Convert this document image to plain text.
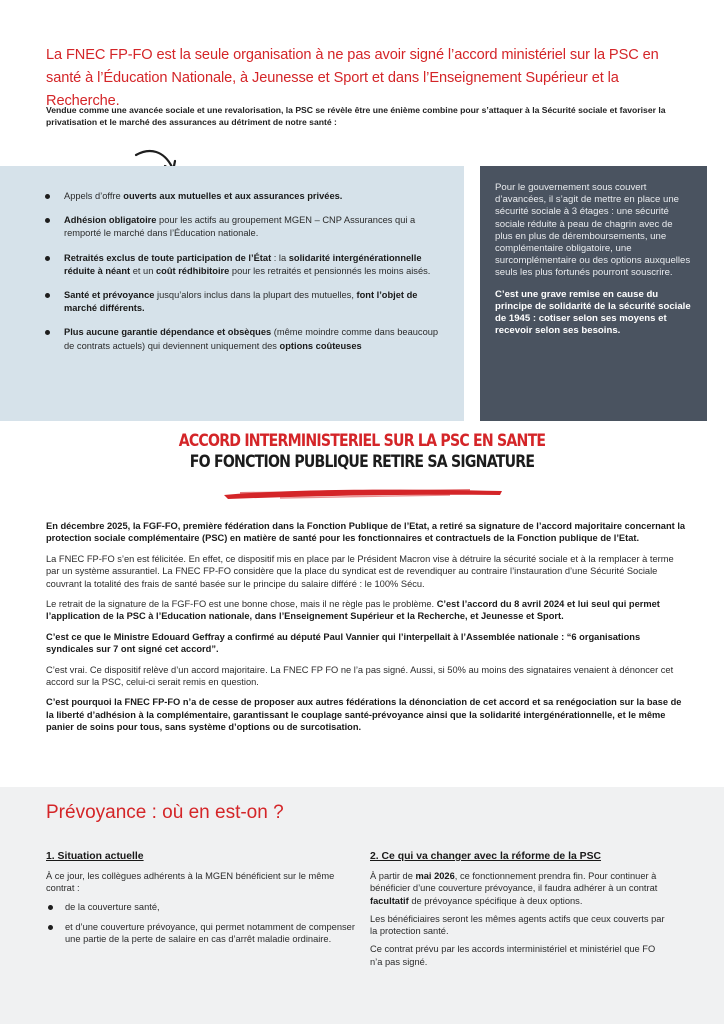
La FNEC FP-FO est la seule organisation à ne pas avoir signé l’accord ministériel sur la PSC en santé à l’Éducation Nationale, à Jeunesse et Sport et dans l’Enseignement Supérieur et la Recherche.
Vendue comme une avancée sociale et une revalorisation, la PSC se révèle être une énième combine pour s’attaquer à la Sécurité sociale et favoriser la privatisation et le marché des assurances au détriment de notre santé :
Appels d’offre ouverts aux mutuelles et aux assurances privées.
Adhésion obligatoire pour les actifs au groupement MGEN – CNP Assurances qui a remporté le marché dans l’Éducation nationale.
Retraités exclus de toute participation de l’État : la solidarité intergénérationnelle réduite à néant et un coût rédhibitoire pour les retraités et pensionnés les moins aisés.
Santé et prévoyance jusqu’alors inclus dans la plupart des mutuelles, font l’objet de marché différents.
Plus aucune garantie dépendance et obsèques (même moindre comme dans beaucoup de contrats actuels) qui deviennent uniquement des options coûteuses

Pour le gouvernement sous couvert d’avancées, il s’agit de mettre en place une sécurité sociale à 3 étages : une sécurité sociale réduite à peau de chagrin avec de plus en plus de déremboursements, une complémentaire obligatoire, une surcomplémentaire ou des options auxquelles seuls les plus fortunés pourront souscrire.

C’est une grave remise en cause du principe de solidarité de la sécurité sociale de 1945 : cotiser selon ses moyens et recevoir selon ses besoins.

ACCORD INTERMINISTERIEL SUR LA PSC EN SANTE
FO FONCTION PUBLIQUE RETIRE SA SIGNATURE

En décembre 2025, la FGF-FO, première fédération dans la Fonction Publique de l’Etat, a retiré sa signature de l’accord majoritaire concernant la protection sociale complémentaire (PSC) en matière de santé pour les fonctionnaires et contractuels de la Fonction publique de l’Etat.

La FNEC FP-FO s’en est félicitée. En effet, ce dispositif mis en place par le Président Macron vise à détruire la sécurité sociale et à la remplacer à terme par un système assurantiel. La FNEC FP-FO considère que la place du syndicat est de revendiquer au contraire l’instauration d’une Sécurité Sociale couvrant la totalité des frais de santé basée sur le principe du salaire différé : le 100% Sécu.

Le retrait de la signature de la FGF-FO est une bonne chose, mais il ne règle pas le problème. C’est l’accord du 8 avril 2024 et lui seul qui permet l’application de la PSC à l’Education nationale, dans l’Enseignement Supérieur et la Recherche, et Jeunesse et Sport.

C’est ce que le Ministre Edouard Geffray a confirmé au député Paul Vannier qui l’interpellait à l’Assemblée nationale : “6 organisations syndicales sur 7 ont signé cet accord”.

C’est vrai. Ce dispositif relève d’un accord majoritaire. La FNEC FP FO ne l’a pas signé. Aussi, si 50% au moins des signataires venaient à dénoncer cet accord sur la PSC, celui-ci serait remis en question.

C’est pourquoi la FNEC FP-FO n’a de cesse de proposer aux autres fédérations la dénonciation de cet accord et sa renégociation sur la base de la liberté d’adhésion à la complémentaire, garantissant le couplage santé-prévoyance ainsi que la solidarité intergénérationnelle, et le même panier de soins pour tous, sans système d’options ou de surcotisation.

Prévoyance : où en est-on ?
1. Situation actuelle

À ce jour, les collègues adhérents à la MGEN bénéficient sur le même contrat :

de la couverture santé,
et d’une couverture prévoyance, qui permet notamment de compenser une partie de la perte de salaire en cas d’arrêt maladie ordinaire.
2. Ce qui va changer avec la réforme de la PSC

À partir de mai 2026, ce fonctionnement prendra fin. Pour continuer à bénéficier d’une couverture prévoyance, il faudra adhérer à un contrat facultatif de prévoyance spécifique à deux options.

Les bénéficiaires seront les mêmes agents actifs que ceux couverts par la protection santé.

Ce contrat prévu par les accords interministériel et ministériel que FO n’a pas signé.
